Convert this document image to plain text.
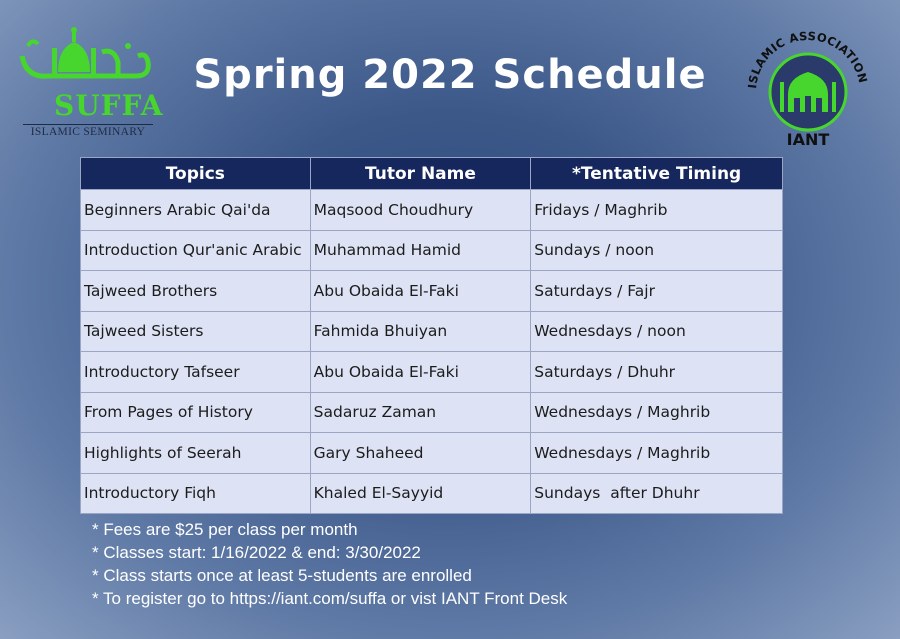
SUFFA
ISLAMIC SEMINARY
Spring 2022 Schedule	ISLAMIC ASSOCIATION
IANT
Topics	Tutor Name	*Tentative Timing
Beginners Arabic Qai'da	Maqsood Choudhury	Fridays / Maghrib
Introduction Qur'anic Arabic	Muhammad Hamid	Sundays / noon
Tajweed Brothers	Abu Obaida El-Faki	Saturdays / Fajr
Tajweed Sisters	Fahmida Bhuiyan	Wednesdays / noon
Introductory Tafseer	Abu Obaida El-Faki	Saturdays / Dhuhr
From Pages of History	Sadaruz Zaman	Wednesdays / Maghrib
Highlights of Seerah	Gary Shaheed	Wednesdays / Maghrib
Introductory Fiqh	Khaled El-Sayyid	Sundays  after Dhuhr
* Fees are $25 per class per month
* Classes start: 1/16/2022 & end: 3/30/2022
* Class starts once at least 5-students are enrolled
* To register go to https://iant.com/suffa or vist IANT Front Desk
